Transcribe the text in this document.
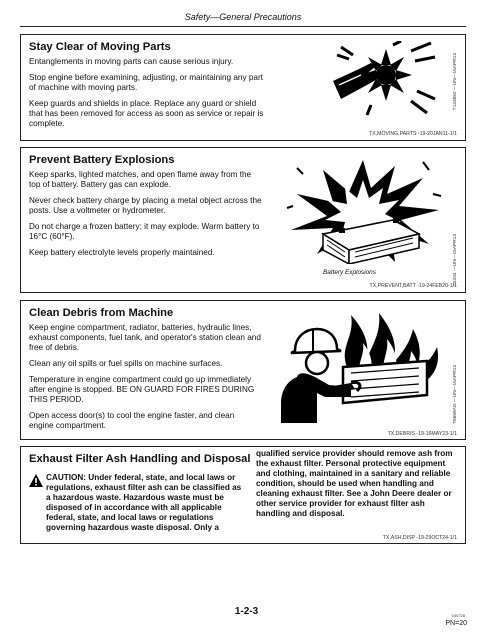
Safety—General Precautions
Stay Clear of Moving Parts

Entanglements in moving parts can cause serious injury.

Stop engine before examining, adjusting, or maintaining any part of machine with moving parts.

Keep guards and shields in place. Replace any guard or shield that has been removed for access as soon as service or repair is complete.

T133592 —UN—15APR13
TX,MOVING,PARTS -19-20JAN11-1/1
Prevent Battery Explosions

Keep sparks, lighted matches, and open flame away from the top of battery. Battery gas can explode.

Never check battery charge by placing a metal object across the posts. Use a voltmeter or hydrometer.

Do not charge a frozen battery; it may explode. Warm battery to 16°C (60°F).

Keep battery electrolyte levels properly maintained.

Battery Explosions	TS204 —UN—15APR13
TX,PREVENT,BATT -19-24FEB20-1/1
Clean Debris from Machine

Keep engine compartment, radiator, batteries, hydraulic lines, exhaust components, fuel tank, and operator's station clean and free of debris.

Clean any oil spills or fuel spills on machine surfaces.

Temperature in engine compartment could go up immediately after engine is stopped. BE ON GUARD FOR FIRES DURING THIS PERIOD.

Open access door(s) to cool the engine faster, and clean engine compartment.

T6669AG —UN—15APR13
TX,DEBRIS -19-16MAY23-1/1
Exhaust Filter Ash Handling and Disposal
CAUTION: Under federal, state, and local laws or regulations, exhaust filter ash can be classified as a hazardous waste. Hazardous waste must be disposed of in accordance with all applicable federal, state, and local laws or regulations governing hazardous waste disposal. Only a
qualified service provider should remove ash from the exhaust filter. Personal protective equipment and clothing, maintained in a sanitary and reliable condition, should be used when handling and cleaning exhaust filter. See a John Deere dealer or other service provider for exhaust filter ash handling and disposal.
TX,ASH,DISP -19-29OCT24-1/1
1-2-3	040728
PN=20
